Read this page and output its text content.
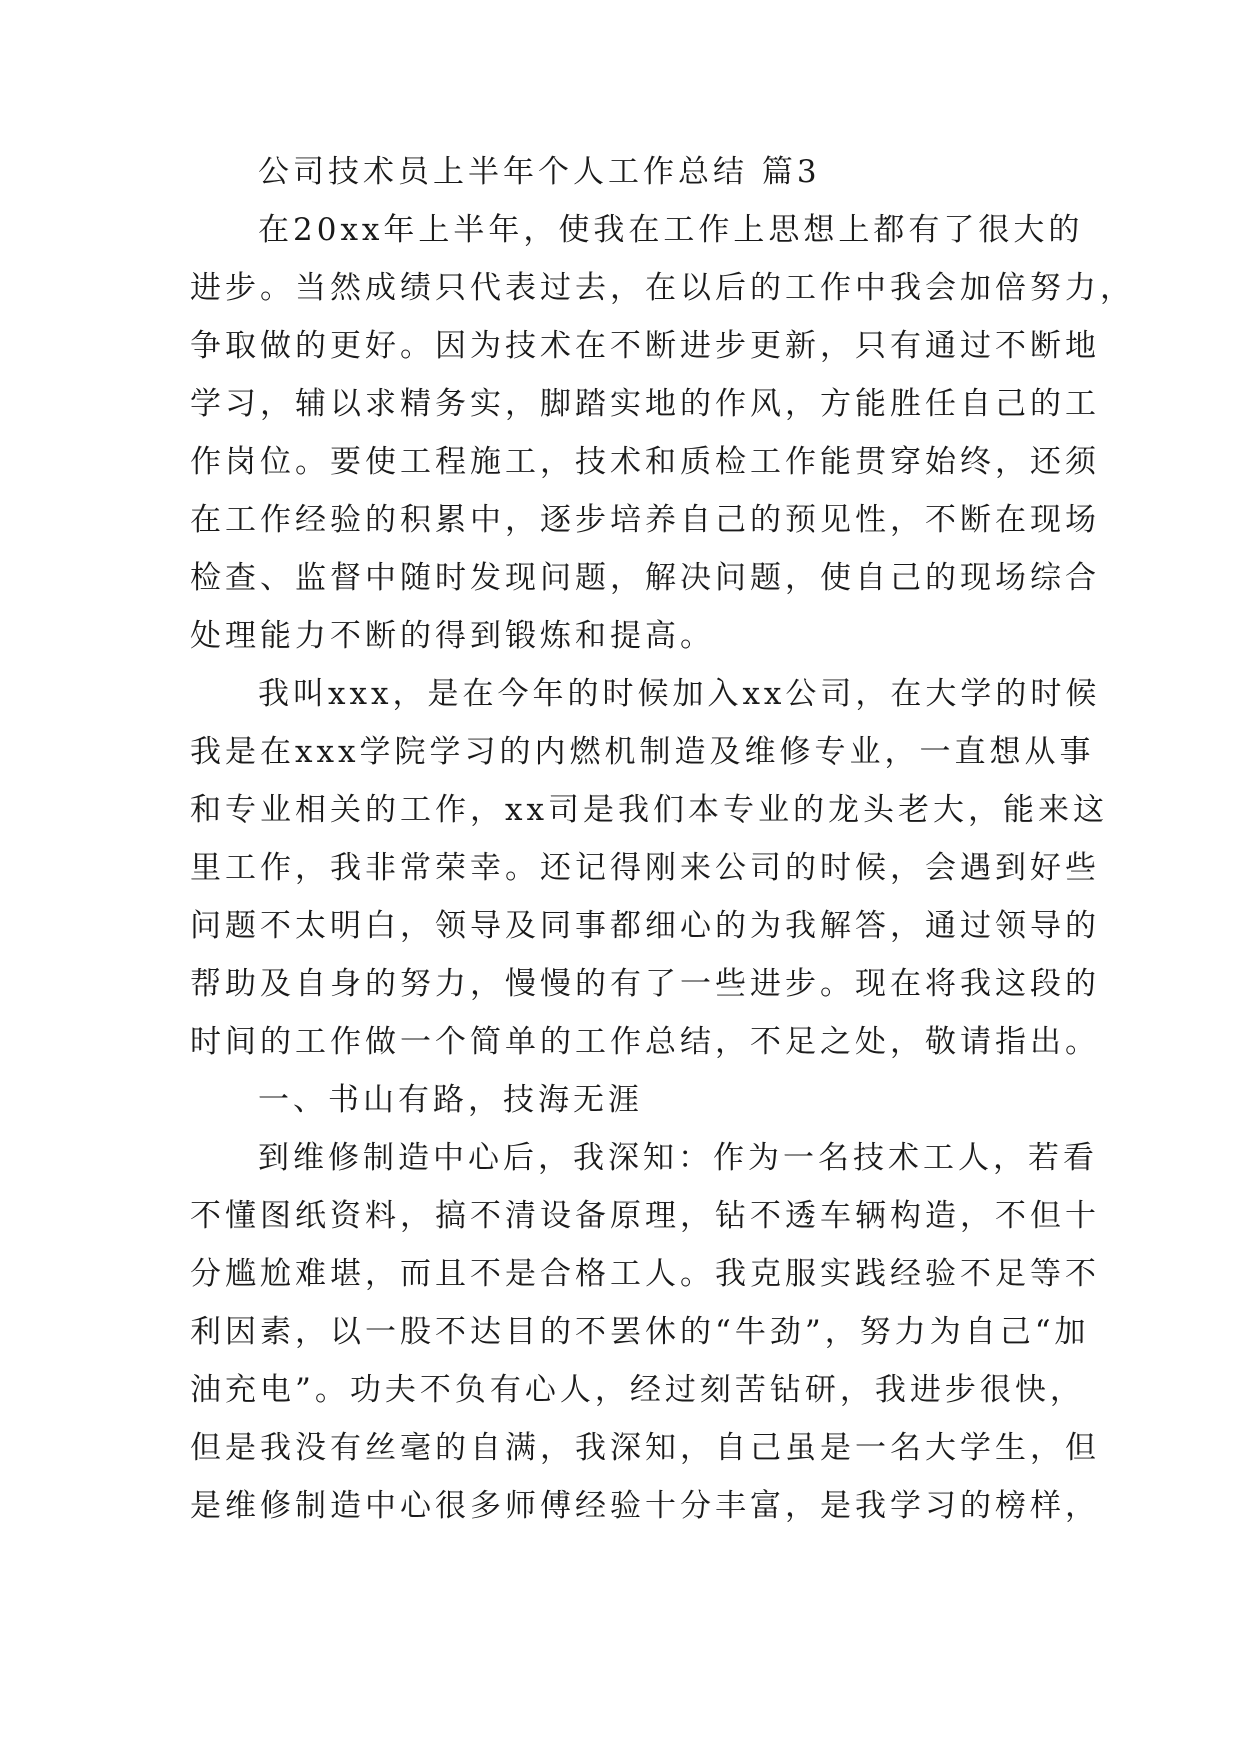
公司技术员上半年个人工作总结 篇3
在20xx年上半年，使我在工作上思想上都有了很大的
进步。当然成绩只代表过去，在以后的工作中我会加倍努力，
争取做的更好。因为技术在不断进步更新，只有通过不断地
学习，辅以求精务实，脚踏实地的作风，方能胜任自己的工
作岗位。要使工程施工，技术和质检工作能贯穿始终，还须
在工作经验的积累中，逐步培养自己的预见性，不断在现场
检查、监督中随时发现问题，解决问题，使自己的现场综合
处理能力不断的得到锻炼和提高。
我叫xxx，是在今年的时候加入xx公司，在大学的时候
我是在xxx学院学习的内燃机制造及维修专业，一直想从事
和专业相关的工作，xx司是我们本专业的龙头老大，能来这
里工作，我非常荣幸。还记得刚来公司的时候，会遇到好些
问题不太明白，领导及同事都细心的为我解答，通过领导的
帮助及自身的努力，慢慢的有了一些进步。现在将我这段的
时间的工作做一个简单的工作总结，不足之处，敬请指出。
一、书山有路，技海无涯
到维修制造中心后，我深知：作为一名技术工人，若看
不懂图纸资料，搞不清设备原理，钻不透车辆构造，不但十
分尴尬难堪，而且不是合格工人。我克服实践经验不足等不
利因素，以一股不达目的不罢休的“牛劲”，努力为自己“加
油充电”。功夫不负有心人，经过刻苦钻研，我进步很快，
但是我没有丝毫的自满，我深知，自己虽是一名大学生，但
是维修制造中心很多师傅经验十分丰富，是我学习的榜样，
